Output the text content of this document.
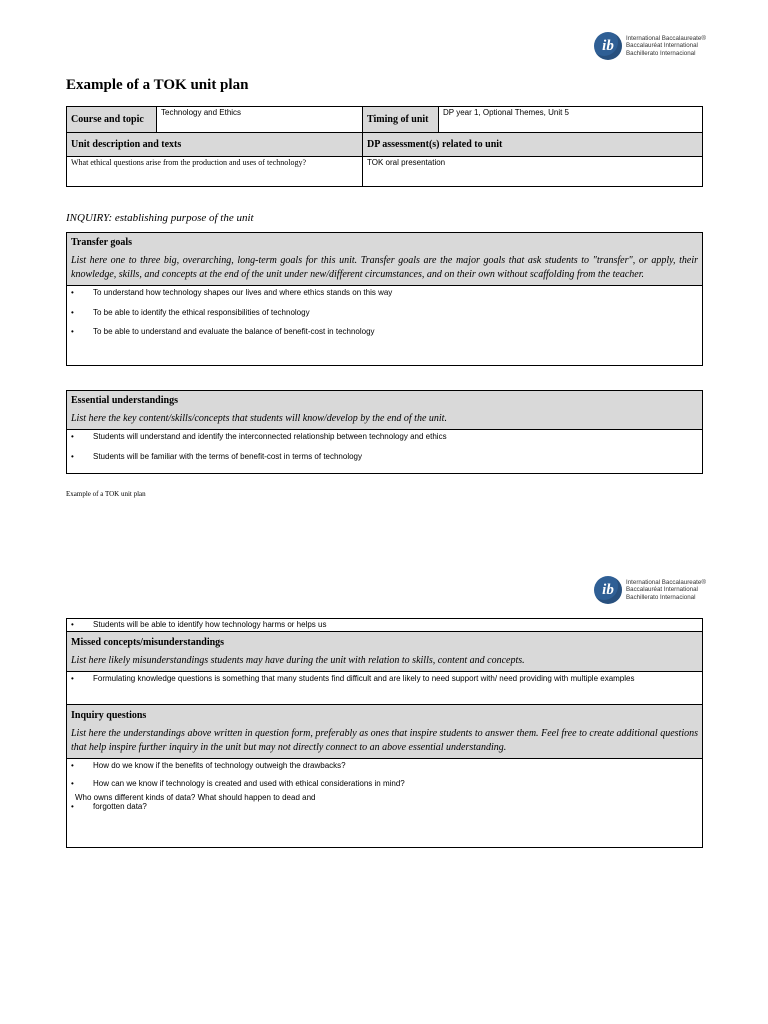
ib International Baccalaureate®
Baccalauréat International
Bachillerato Internacional
Example of a TOK unit plan
Course and topic	Technology and Ethics	Timing of unit	DP year 1, Optional Themes, Unit 5
Unit description and texts		DP assessment(s) related to unit	
What ethical questions arise from the production and uses of technology?		TOK oral presentation	
INQUIRY: establishing purpose of the unit
Transfer goals
List here one to three big, overarching, long-term goals for this unit. Transfer goals are the major goals that ask students to "transfer", or apply, their knowledge, skills, and concepts at the end of the unit under new/different circumstances, and on their own without scaffolding from the teacher.
•	To understand how technology shapes our lives and where ethics stands on this way
•	To be able to identify the ethical responsibilities of technology
•	To be able to understand and evaluate the balance of benefit-cost in technology
Essential understandings
List here the key content/skills/concepts that students will know/develop by the end of the unit.
•	Students will understand and identify the interconnected relationship between technology and ethics
•	Students will be familiar with the terms of benefit-cost in terms of technology
Example of a TOK unit plan
ib International Baccalaureate®
Baccalauréat International
Bachillerato Internacional
•	Students will be able to identify how technology harms or helps us
Missed concepts/misunderstandings
List here likely misunderstandings students may have during the unit with relation to skills, content and concepts.
•	Formulating knowledge questions is something that many students find difficult and are likely to need support with/ need providing with multiple examples
Inquiry questions
List here the understandings above written in question form, preferably as ones that inspire students to answer them. Feel free to create additional questions that help inspire further inquiry in the unit but may not directly connect to an above essential understanding.
•	How do we know if the benefits of technology outweigh the drawbacks?
•	How can we know if technology is created and used with ethical considerations in mind?
Who owns different kinds of data? What should happen to dead and
•	forgotten data?
